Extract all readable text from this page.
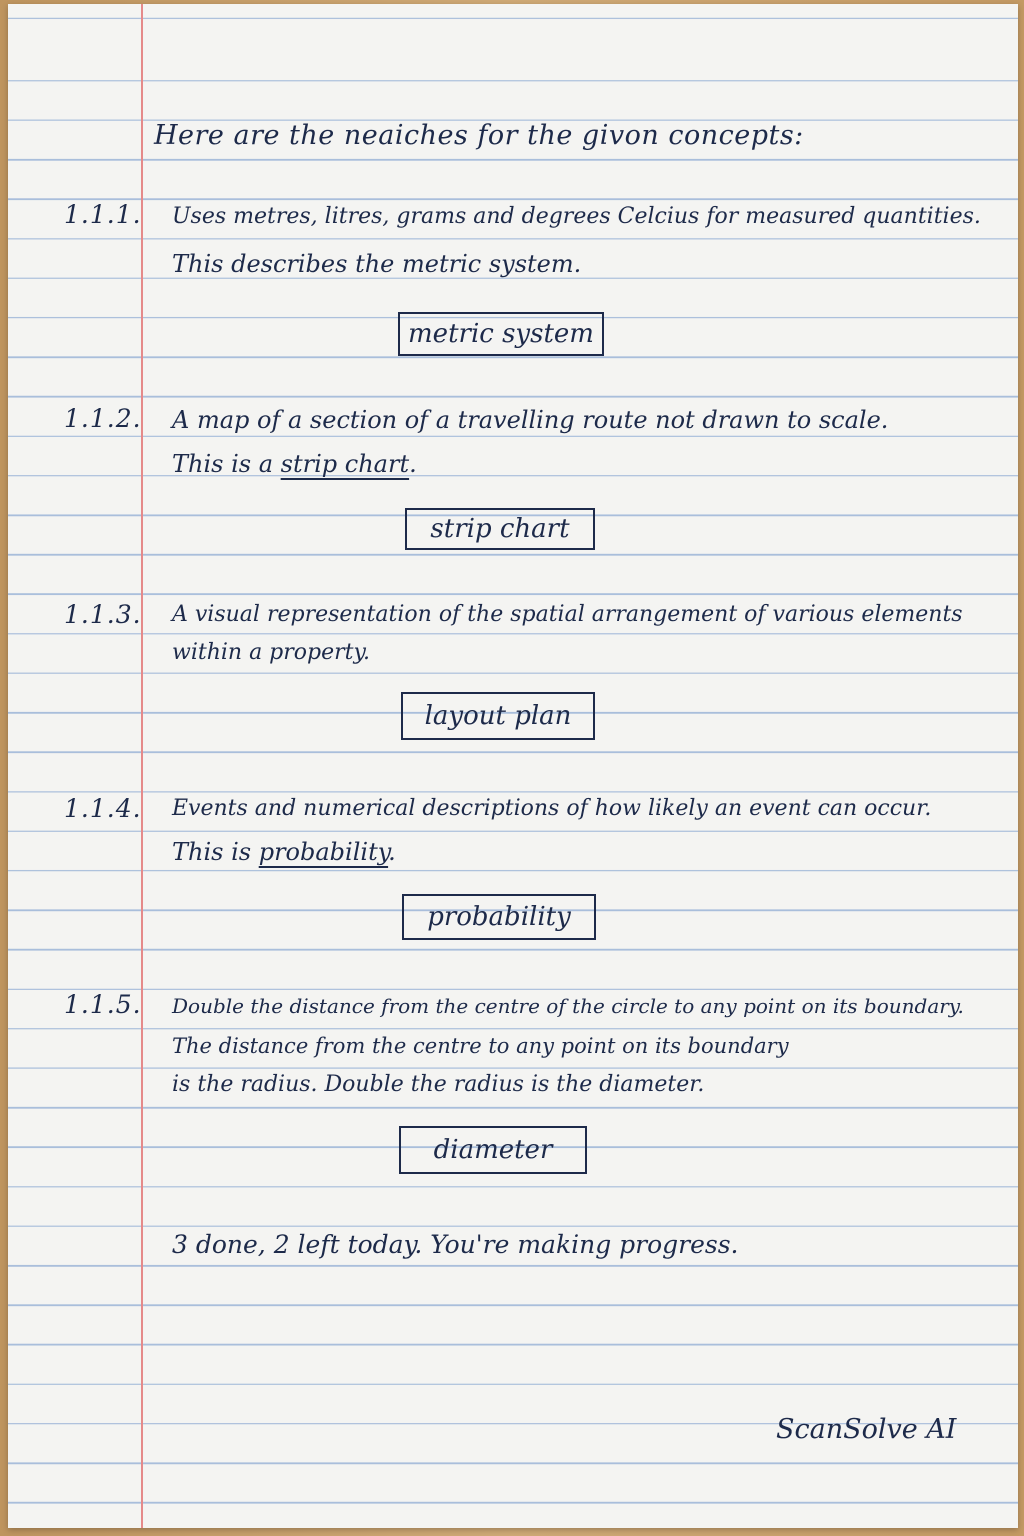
Here are the neaiches for the givon concepts:
1.1.1. Uses metres, litres, grams and degrees Celcius for measured quantities.
This describes the metric system.
metric system
1.1.2. A map of a section of a travelling route not drawn to scale.
This is a strip chart.
strip chart
1.1.3. A visual representation of the spatial arrangement of various elements
within a property.
layout plan
1.1.4. Events and numerical descriptions of how likely an event can occur.
This is probability.
probability
1.1.5. Double the distance from the centre of the circle to any point on its boundary.
The distance from the centre to any point on its boundary
is the radius. Double the radius is the diameter.
diameter
3 done, 2 left today. You're making progress.
ScanSolve AI
